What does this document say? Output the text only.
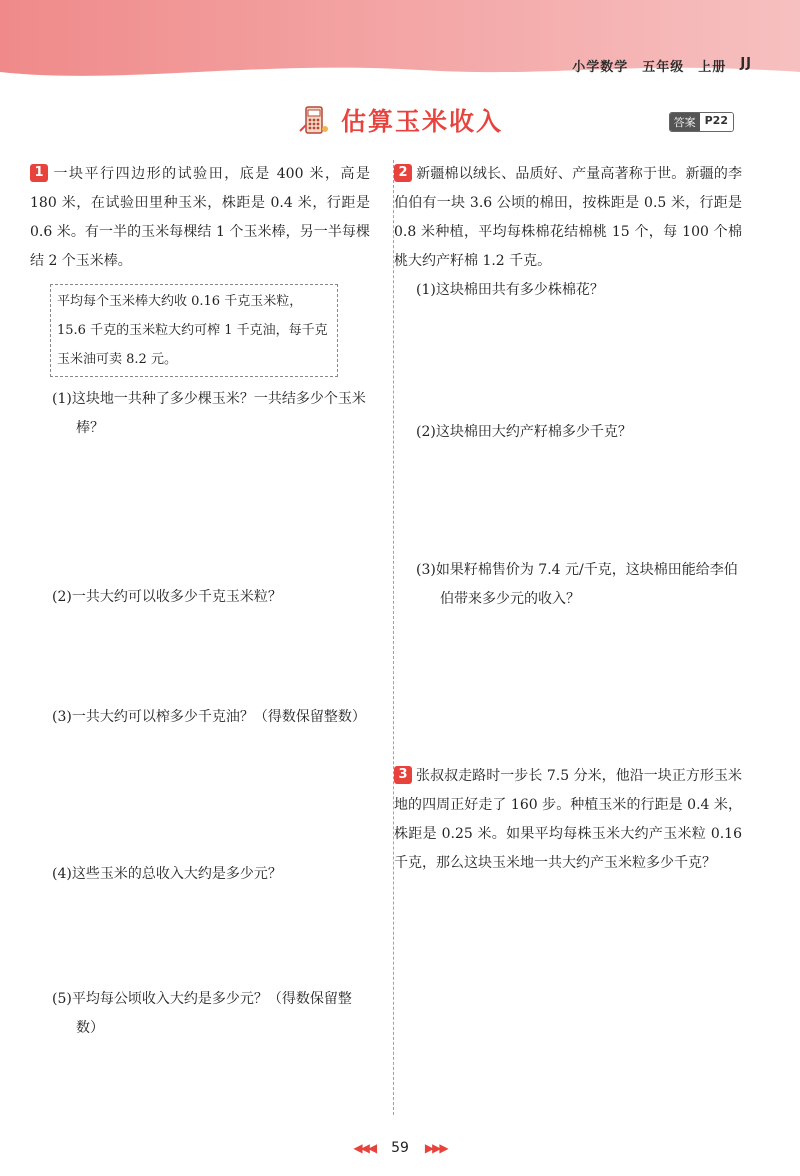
小学数学 五年级 上册 JJ
估算玉米收入	答案 P22

1 一块平行四边形的试验田，底是 400 米，高是 180 米，在试验田里种玉米，株距是 0.4 米，行距是 0.6 米。有一半的玉米每棵结 1 个玉米棒，另一半每棵结 2 个玉米棒。

平均每个玉米棒大约收 0.16 千克玉米粒，15.6 千克的玉米粒大约可榨 1 千克油，每千克玉米油可卖 8.2 元。

(1)这块地一共种了多少棵玉米？一共结多少个玉米棒？

(2)一共大约可以收多少千克玉米粒？

(3)一共大约可以榨多少千克油？（得数保留整数）

(4)这些玉米的总收入大约是多少元？

(5)平均每公顷收入大约是多少元？（得数保留整数）

2 新疆棉以绒长、品质好、产量高著称于世。新疆的李伯伯有一块 3.6 公顷的棉田，按株距是 0.5 米，行距是 0.8 米种植，平均每株棉花结棉桃 15 个，每 100 个棉桃大约产籽棉 1.2 千克。

(1)这块棉田共有多少株棉花？

(2)这块棉田大约产籽棉多少千克？

(3)如果籽棉售价为 7.4 元/千克，这块棉田能给李伯伯带来多少元的收入？

3 张叔叔走路时一步长 7.5 分米，他沿一块正方形玉米地的四周正好走了 160 步。种植玉米的行距是 0.4 米，株距是 0.25 米。如果平均每株玉米大约产玉米粒 0.16 千克，那么这块玉米地一共大约产玉米粒多少千克？

◀◀◀ 59 ▶▶▶
